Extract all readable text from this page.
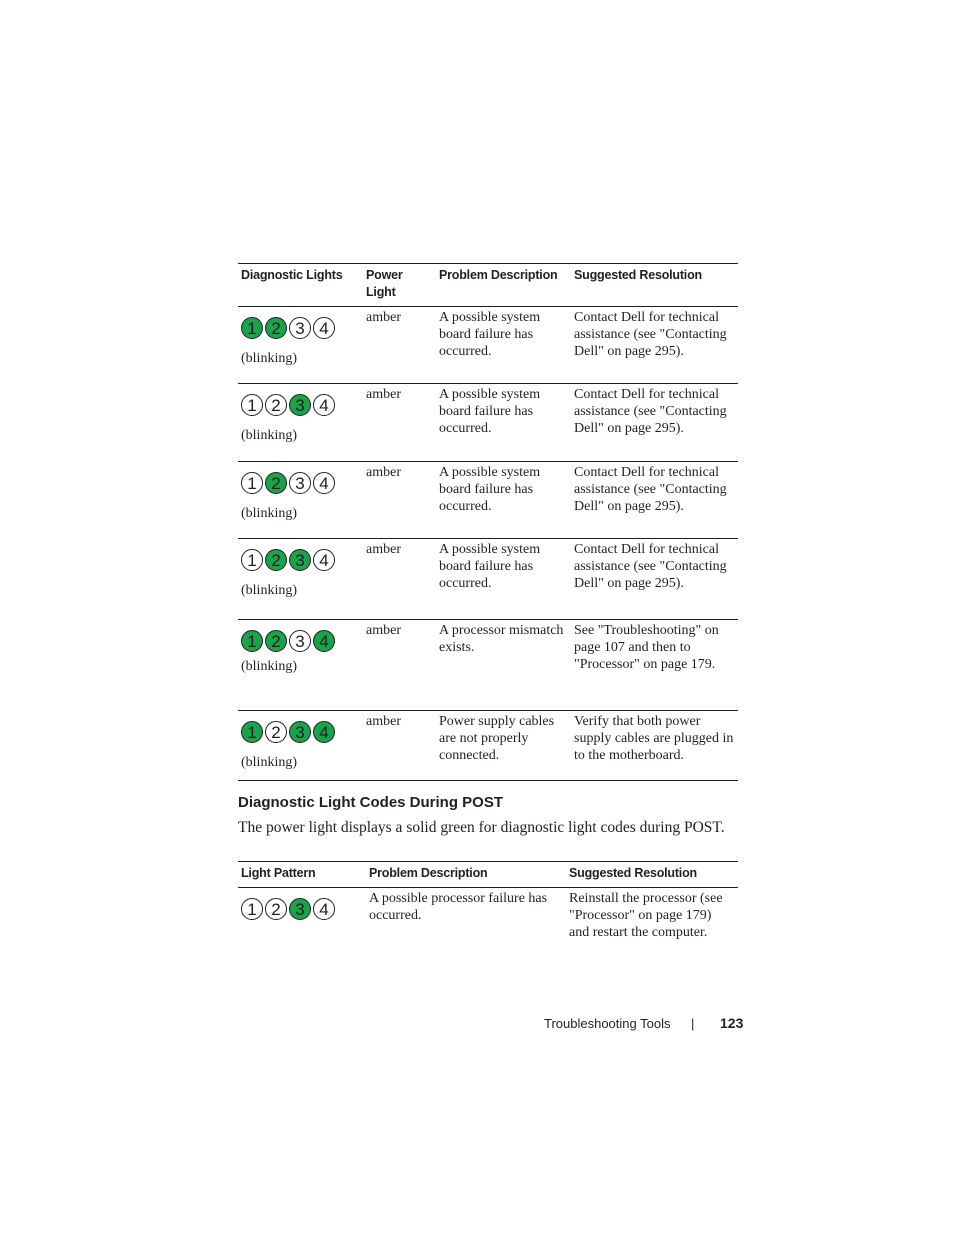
Diagnostic Lights	Power Light	Problem Description	Suggested Resolution

1 2 3 4
(blinking)	amber	A possible system board failure has occurred.	Contact Dell for technical assistance (see "Contacting Dell" on page 295).

1 2 3 4
(blinking)	amber	A possible system board failure has occurred.	Contact Dell for technical assistance (see "Contacting Dell" on page 295).

1 2 3 4
(blinking)	amber	A possible system board failure has occurred.	Contact Dell for technical assistance (see "Contacting Dell" on page 295).

1 2 3 4
(blinking)	amber	A possible system board failure has occurred.	Contact Dell for technical assistance (see "Contacting Dell" on page 295).

1 2 3 4
(blinking)	amber	A processor mismatch exists.	See "Troubleshooting" on page 107 and then to "Processor" on page 179.

1 2 3 4
(blinking)	amber	Power supply cables are not properly connected.	Verify that both power supply cables are plugged in to the motherboard.
Diagnostic Light Codes During POST

The power light displays a solid green for diagnostic light codes during POST.

Light Pattern	Problem Description	Suggested Resolution

1 2 3 4	A possible processor failure has occurred.	Reinstall the processor (see "Processor" on page 179) and restart the computer.
Troubleshooting Tools | 123
